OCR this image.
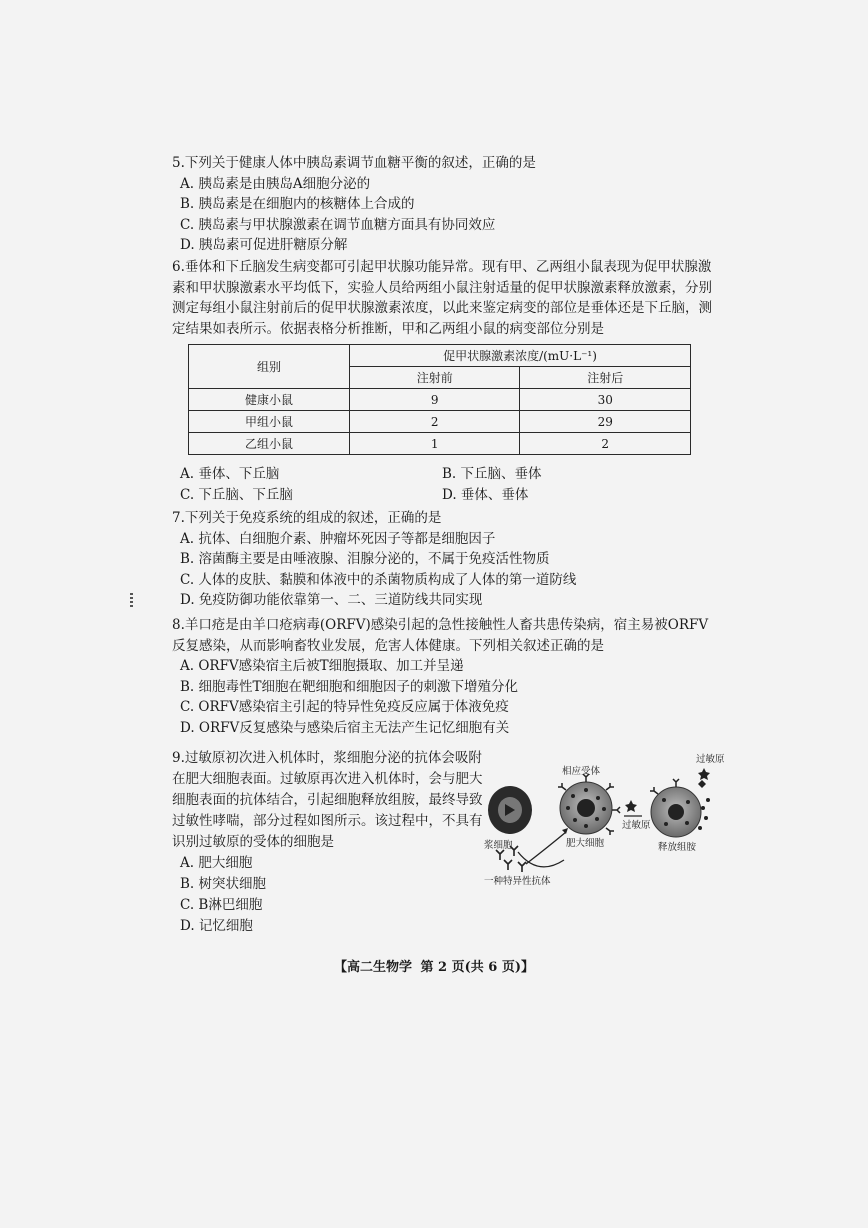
5.下列关于健康人体中胰岛素调节血糖平衡的叙述，正确的是

A. 胰岛素是由胰岛A细胞分泌的

B. 胰岛素是在细胞内的核糖体上合成的

C. 胰岛素与甲状腺激素在调节血糖方面具有协同效应

D. 胰岛素可促进肝糖原分解

6.垂体和下丘脑发生病变都可引起甲状腺功能异常。现有甲、乙两组小鼠表现为促甲状腺激素和甲状腺激素水平均低下，实验人员给两组小鼠注射适量的促甲状腺激素释放激素，分别测定每组小鼠注射前后的促甲状腺激素浓度，以此来鉴定病变的部位是垂体还是下丘脑，测定结果如表所示。依据表格分析推断，甲和乙两组小鼠的病变部位分别是

组别	促甲状腺激素浓度/(mU·L⁻¹)	
	注射前	注射后
健康小鼠	9	30
甲组小鼠	2	29
乙组小鼠	1	2
A. 垂体、下丘脑	B. 下丘脑、垂体
C. 下丘脑、下丘脑	D. 垂体、垂体

7.下列关于免疫系统的组成的叙述，正确的是

A. 抗体、白细胞介素、肿瘤坏死因子等都是细胞因子

B. 溶菌酶主要是由唾液腺、泪腺分泌的，不属于免疫活性物质

C. 人体的皮肤、黏膜和体液中的杀菌物质构成了人体的第一道防线

D. 免疫防御功能依靠第一、二、三道防线共同实现

8.羊口疮是由羊口疮病毒(ORFV)感染引起的急性接触性人畜共患传染病，宿主易被ORFV反复感染，从而影响畜牧业发展，危害人体健康。下列相关叙述正确的是

A. ORFV感染宿主后被T细胞摄取、加工并呈递

B. 细胞毒性T细胞在靶细胞和细胞因子的刺激下增殖分化

C. ORFV感染宿主引起的特异性免疫反应属于体液免疫

D. ORFV反复感染与感染后宿主无法产生记忆细胞有关

9.过敏原初次进入机体时，浆细胞分泌的抗体会吸附在肥大细胞表面。过敏原再次进入机体时，会与肥大细胞表面的抗体结合，引起细胞释放组胺，最终导致过敏性哮喘，部分过程如图所示。该过程中，不具有识别过敏原的受体的细胞是

A. 肥大细胞

B. 树突状细胞

C. B淋巴细胞

D. 记忆细胞

相应受体
过敏原
过敏原
浆细胞	肥大细胞	释放组胺
一种特异性抗体
【高二生物学 第 2 页(共 6 页)】
